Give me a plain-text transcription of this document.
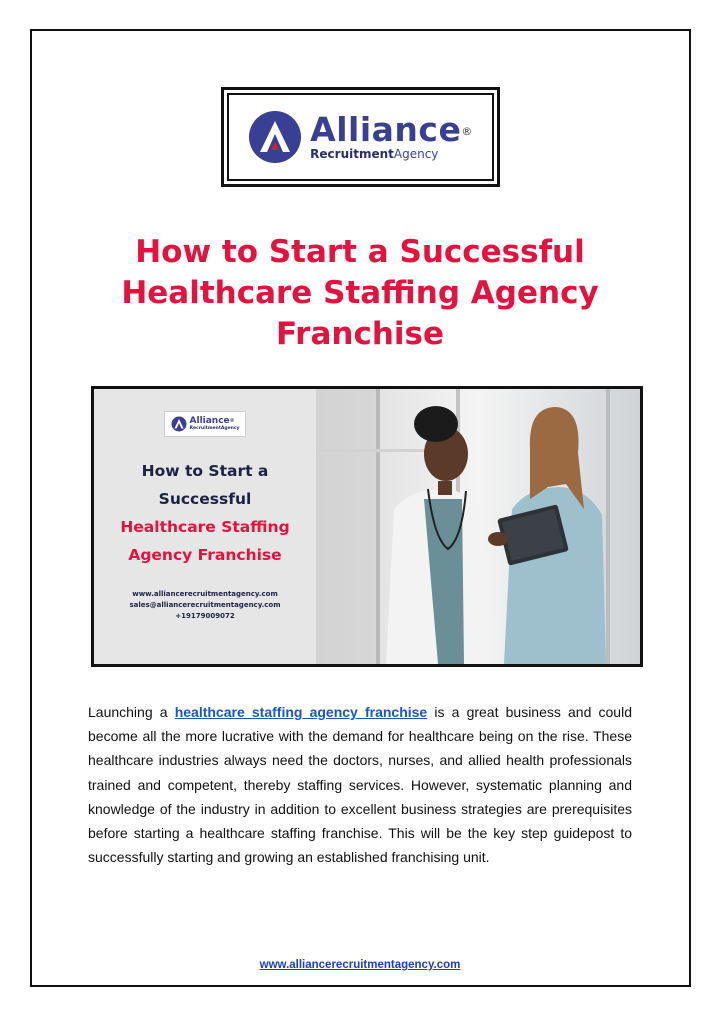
Alliance®
RecruitmentAgency
How to Start a Successful Healthcare Staffing Agency Franchise
Alliance®
RecruitmentAgency
How to Start a
Successful
Healthcare Staffing
Agency Franchise
www.alliancerecruitmentagency.com
sales@alliancerecruitmentagency.com
+19179009072

Launching a healthcare staffing agency franchise is a great business and could become all the more lucrative with the demand for healthcare being on the rise. These healthcare industries always need the doctors, nurses, and allied health professionals trained and competent, thereby staffing services. However, systematic planning and knowledge of the industry in addition to excellent business strategies are prerequisites before starting a healthcare staffing franchise. This will be the key step guidepost to successfully starting and growing an established franchising unit.

www.alliancerecruitmentagency.com
